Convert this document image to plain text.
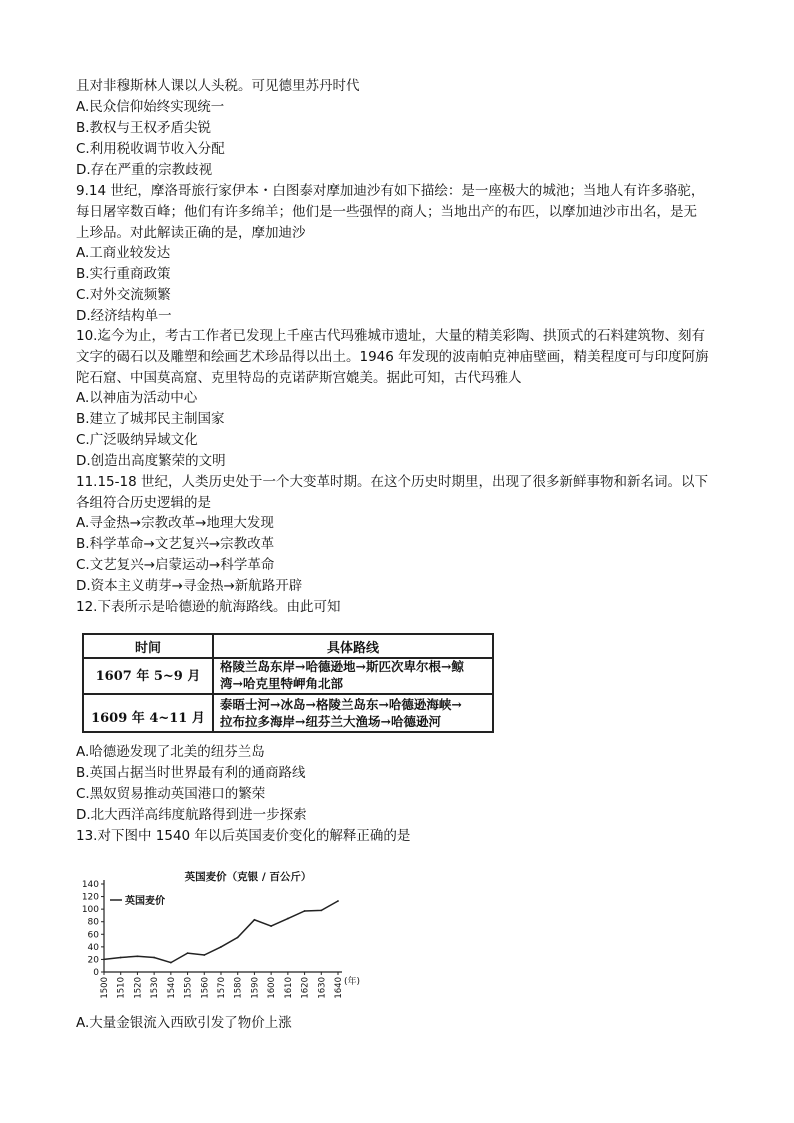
且对非穆斯林人课以人头税。可见德里苏丹时代
A.民众信仰始终实现统一
B.教权与王权矛盾尖锐
C.利用税收调节收入分配
D.存在严重的宗教歧视
9.14 世纪，摩洛哥旅行家伊本・白图泰对摩加迪沙有如下描绘：是一座极大的城池；当地人有许多骆驼，
每日屠宰数百峰；他们有许多绵羊；他们是一些强悍的商人；当地出产的布匹，以摩加迪沙市出名，是无
上珍品。对此解读正确的是，摩加迪沙
A.工商业较发达
B.实行重商政策
C.对外交流频繁
D.经济结构单一
10.迄今为止，考古工作者已发现上千座古代玛雅城市遗址，大量的精美彩陶、拱顶式的石料建筑物、刻有
文字的碣石以及雕塑和绘画艺术珍品得以出土。1946 年发现的波南帕克神庙壁画，精美程度可与印度阿旃
陀石窟、中国莫高窟、克里特岛的克诺萨斯宫媲美。据此可知，古代玛雅人
A.以神庙为活动中心
B.建立了城邦民主制国家
C.广泛吸纳异域文化
D.创造出高度繁荣的文明
11.15-18 世纪，人类历史处于一个大变革时期。在这个历史时期里，出现了很多新鲜事物和新名词。以下
各组符合历史逻辑的是
A.寻金热→宗教改革→地理大发现
B.科学革命→文艺复兴→宗教改革
C.文艺复兴→启蒙运动→科学革命
D.资本主义萌芽→寻金热→新航路开辟
12.下表所示是哈德逊的航海路线。由此可知
时间	具体路线
1607 年 5~9 月
格陵兰岛东岸→哈德逊地→斯匹次卑尔根→鲸
湾→哈克里特岬角北部
1609 年 4~11 月
泰晤士河→冰岛→格陵兰岛东→哈德逊海峡→
拉布拉多海岸→纽芬兰大渔场→哈德逊河
A.哈德逊发现了北美的纽芬兰岛
B.英国占据当时世界最有利的通商路线
C.黑奴贸易推动英国港口的繁荣
D.北大西洋高纬度航路得到进一步探索
13.对下图中 1540 年以后英国麦价变化的解释正确的是
0
20
40
60
80
100
120
140
1500 1510 1520 1530 1540 1550 1560 1570 1580 1590 1600 1610 1620 1630 1640 (年)
英国麦价（克银 / 百公斤）
英国麦价
A.大量金银流入西欧引发了物价上涨
